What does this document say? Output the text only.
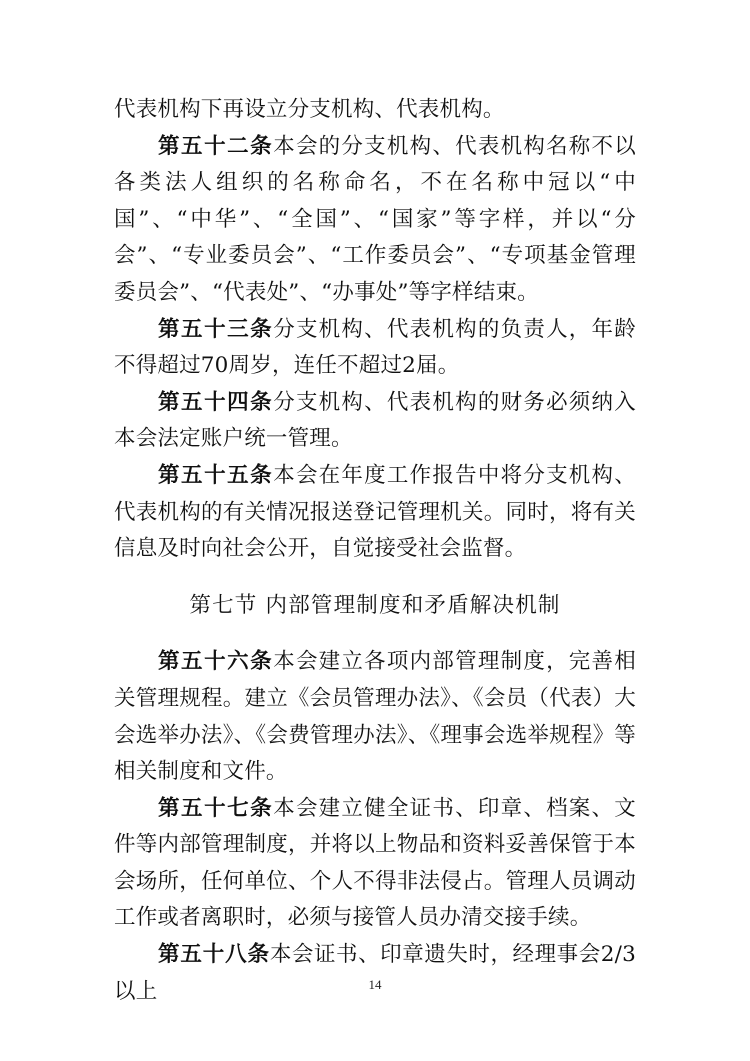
代表机构下再设立分支机构、代表机构。

第五十二条本会的分支机构、代表机构名称不以各类法人组织的名称命名，不在名称中冠以“中国”、“中华”、“全国”、“国家”等字样，并以“分会”、“专业委员会”、“工作委员会”、“专项基金管理委员会”、“代表处”、“办事处”等字样结束。

第五十三条分支机构、代表机构的负责人，年龄不得超过70周岁，连任不超过2届。

第五十四条分支机构、代表机构的财务必须纳入本会法定账户统一管理。

第五十五条本会在年度工作报告中将分支机构、代表机构的有关情况报送登记管理机关。同时，将有关信息及时向社会公开，自觉接受社会监督。

第七节 内部管理制度和矛盾解决机制

第五十六条本会建立各项内部管理制度，完善相关管理规程。建立《会员管理办法》、《会员（代表）大会选举办法》、《会费管理办法》、《理事会选举规程》等相关制度和文件。

第五十七条本会建立健全证书、印章、档案、文件等内部管理制度，并将以上物品和资料妥善保管于本会场所，任何单位、个人不得非法侵占。管理人员调动工作或者离职时，必须与接管人员办清交接手续。

第五十八条本会证书、印章遗失时，经理事会2/3以上	14
